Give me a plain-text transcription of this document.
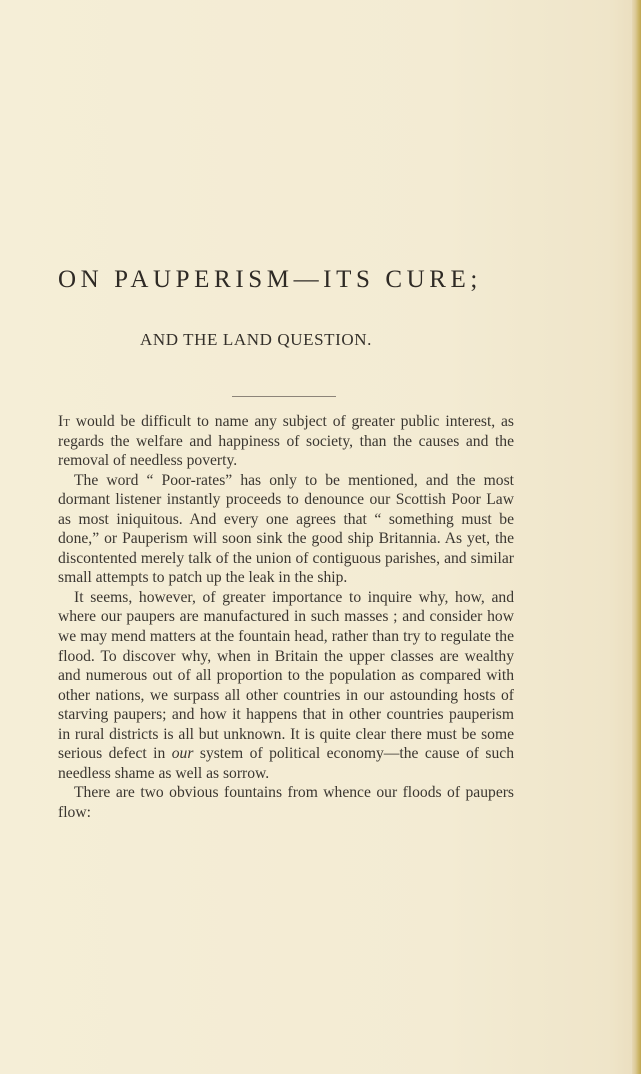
ON PAUPERISM—ITS CURE;
AND THE LAND QUESTION.

It would be difficult to name any subject of greater public interest, as regards the welfare and happiness of society, than the causes and the removal of needless poverty.

The word “ Poor-rates” has only to be mentioned, and the most dormant listener instantly proceeds to denounce our Scottish Poor Law as most iniquitous. And every one agrees that “ something must be done,” or Pauperism will soon sink the good ship Britannia. As yet, the discontented merely talk of the union of contiguous parishes, and similar small attempts to patch up the leak in the ship.

It seems, however, of greater importance to inquire why, how, and where our paupers are manufactured in such masses ; and consider how we may mend matters at the fountain head, rather than try to regulate the flood. To discover why, when in Britain the upper classes are wealthy and numerous out of all proportion to the population as compared with other nations, we surpass all other countries in our astounding hosts of starving paupers; and how it happens that in other countries pauperism in rural districts is all but unknown. It is quite clear there must be some serious defect in our system of political economy—the cause of such needless shame as well as sorrow.

There are two obvious fountains from whence our floods of paupers flow:
